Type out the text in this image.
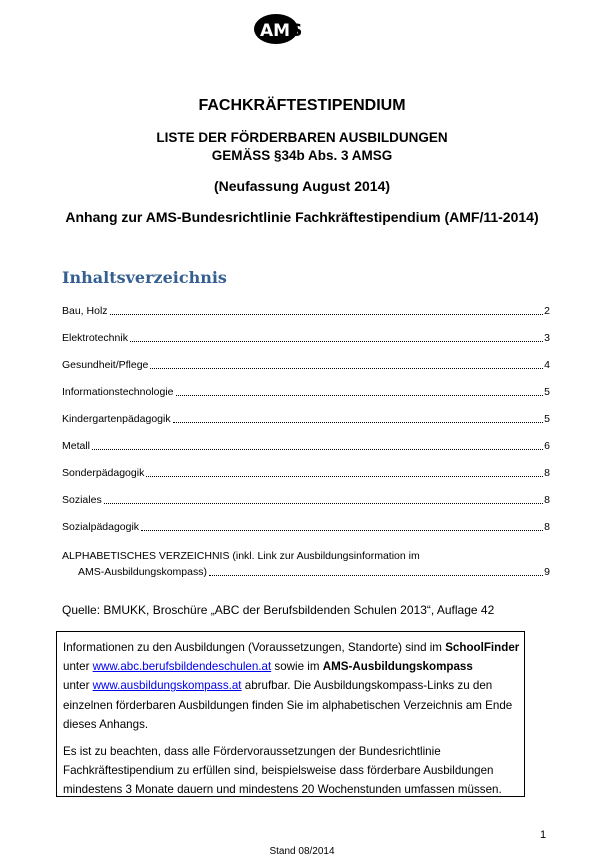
AMS
FACHKRÄFTESTIPENDIUM
LISTE DER FÖRDERBAREN AUSBILDUNGEN
GEMÄSS §34b Abs. 3 AMSG
(Neufassung August 2014)
Anhang zur AMS-Bundesrichtlinie Fachkräftestipendium (AMF/11-2014)
Inhaltsverzeichnis
Bau, Holz	2
Elektrotechnik	3
Gesundheit/Pflege	4
Informationstechnologie	5
Kindergartenpädagogik	5
Metall	6
Sonderpädagogik	8
Soziales	8
Sozialpädagogik	8
ALPHABETISCHES VERZEICHNIS (inkl. Link zur Ausbildungsinformation im
AMS-Ausbildungskompass)	9
Quelle: BMUKK, Broschüre „ABC der Berufsbildenden Schulen 2013“, Auflage 42

Informationen zu den Ausbildungen (Voraussetzungen, Standorte) sind im SchoolFinder
unter www.abc.berufsbildendeschulen.at sowie im AMS-Ausbildungskompass
unter www.ausbildungskompass.at abrufbar. Die Ausbildungskompass-Links zu den einzelnen förderbaren Ausbildungen finden Sie im alphabetischen Verzeichnis am Ende dieses Anhangs.

Es ist zu beachten, dass alle Fördervoraussetzungen der Bundesrichtlinie Fachkräftestipendium zu erfüllen sind, beispielsweise dass förderbare Ausbildungen mindestens 3 Monate dauern und mindestens 20 Wochenstunden umfassen müssen.

1
Stand 08/2014
